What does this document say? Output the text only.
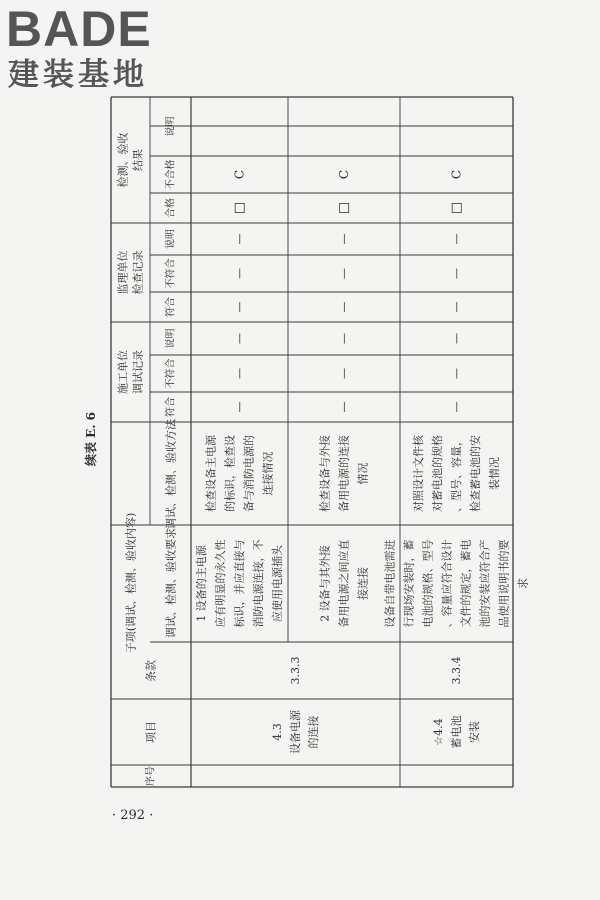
BADE
建装基地
续表 E. 6
· 292 ·
序号
项目
条款
子项(调试、检测、验收内容) 调试、检测、验收要求
调试、检测、验收方法
施工单位 调试记录
监理单位 检查记录
检测、验收 结果
符合
不符合
说明
符合
不符合
说明
合格
不合格
说明
1 设备的主电源 应有明显的永久性 标识，并应直接与 消防电源连接，不 应使用电源插头
检查设备主电源 的标识，检查设 备与消防电源的 连接情况
—
—
—
—
—
—
□
C
2 设备与其外接 备用电源之间应直 接连接
检查设备与外接 备用电源的连接 情况
—
—
—
—
—
—
□
C
设备自带电池需进 行现场安装时，蓄 电池的规格、型号 、容量应符合设计 文件的规定，蓄电 池的安装应符合产 品使用说明书的要 求
对照设计文件核 对蓄电池的规格 、型号、容量， 检查蓄电池的安 装情况
—
—
—
—
—
—
□
C
4.3 设备电源 的连接
3.3.3
☆4.4 蓄电池 安装
3.3.4
